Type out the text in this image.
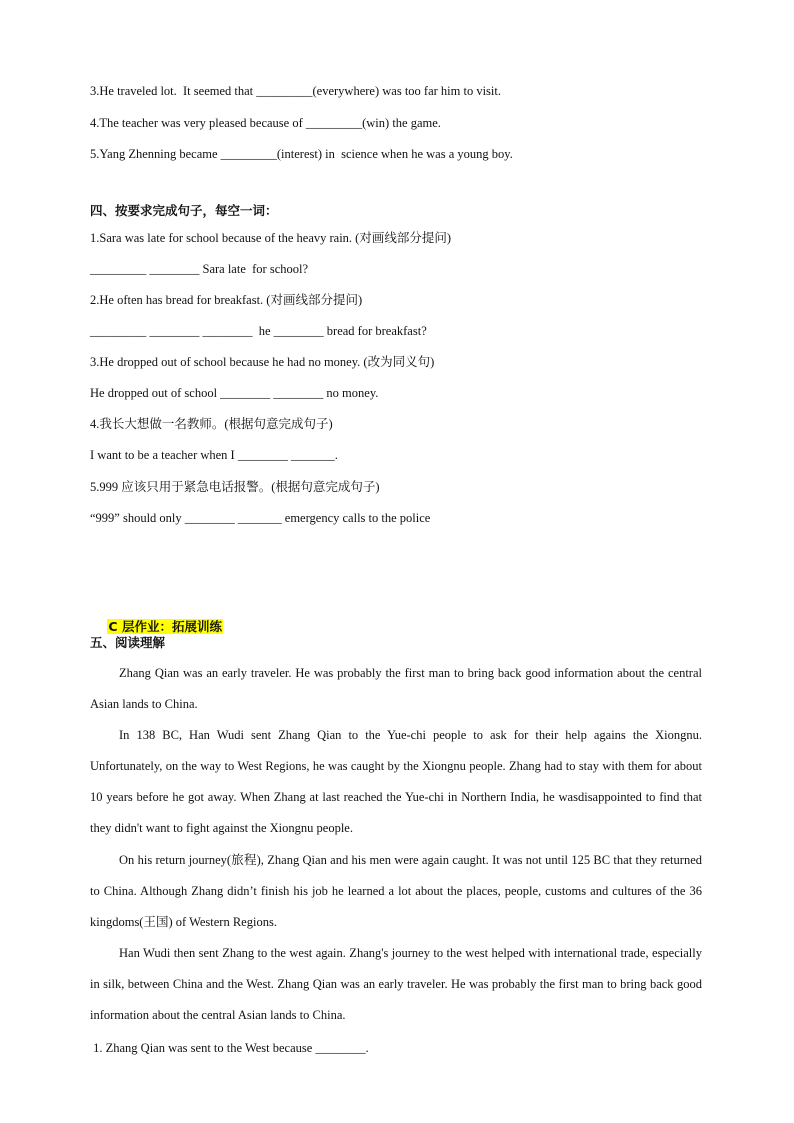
3.He traveled lot.  It seemed that _________(everywhere) was too far him to visit.
4.The teacher was very pleased because of _________(win) the game.
5.Yang Zhenning became _________(interest) in  science when he was a young boy.
四、按要求完成句子，每空一词：
1.Sara was late for school because of the heavy rain. (对画线部分提问)
_________ ________ Sara late  for school?
2.He often has bread for breakfast. (对画线部分提问)
_________ ________ ________  he ________ bread for breakfast?
3.He dropped out of school because he had no money. (改为同义句)
He dropped out of school ________ ________ no money.
4.我长大想做一名教师。(根据句意完成句子)
I want to be a teacher when I ________ _______.
5.999 应该只用于紧急电话报警。(根据句意完成句子)
“999” should only ________ _______ emergency calls to the police

C 层作业：拓展训练

五、阅读理解
Zhang Qian was an early traveler. He was probably the first man to bring back good information about the central Asian lands to China.
In 138 BC, Han Wudi sent Zhang Qian to the Yue-chi people to ask for their help agains the Xiongnu. Unfortunately, on the way to West Regions, he was caught by the Xiongnu people. Zhang had to stay with them for about 10 years before he got away. When Zhang at last reached the Yue-chi in Northern India, he wasdisappointed to find that they didn't want to fight against the Xiongnu people.
On his return journey(旅程), Zhang Qian and his men were again caught. It was not until 125 BC that they returned to China. Although Zhang didn’t finish his job he learned a lot about the places, people, customs and cultures of the 36 kingdoms(王国) of Western Regions.
Han Wudi then sent Zhang to the west again. Zhang's journey to the west helped with international trade, especially in silk, between China and the West. Zhang Qian was an early traveler. He was probably the first man to bring back good information about the central Asian lands to China.
1. Zhang Qian was sent to the West because ________.
